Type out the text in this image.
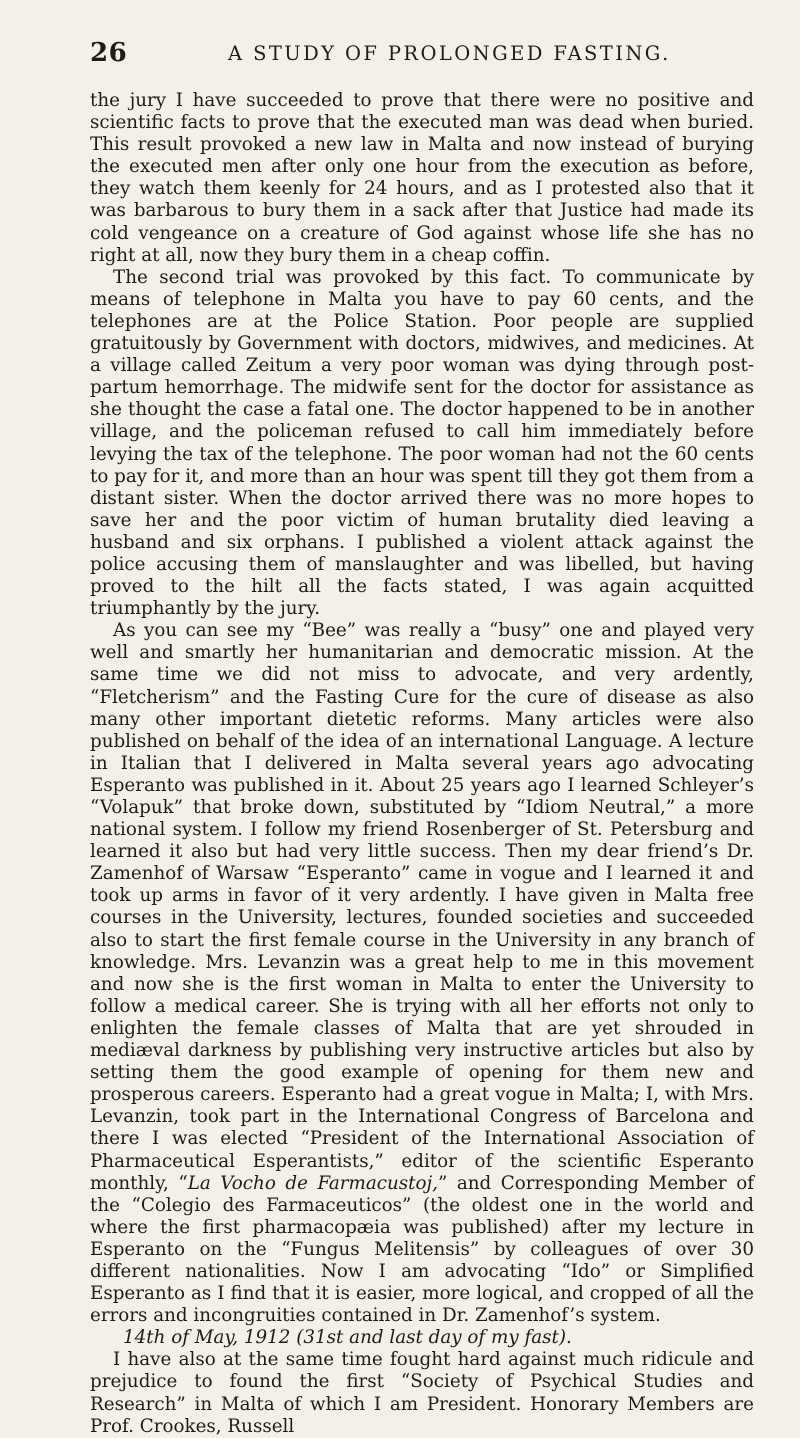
26	A STUDY OF PROLONGED FASTING.

the jury I have succeeded to prove that there were no positive and scientific facts to prove that the executed man was dead when buried. This result provoked a new law in Malta and now instead of burying the executed men after only one hour from the execution as before, they watch them keenly for 24 hours, and as I protested also that it was barbarous to bury them in a sack after that Justice had made its cold vengeance on a creature of God against whose life she has no right at all, now they bury them in a cheap coffin.

The second trial was provoked by this fact. To communicate by means of telephone in Malta you have to pay 60 cents, and the telephones are at the Police Station. Poor people are supplied gratuitously by Government with doctors, midwives, and medicines. At a village called Zeitum a very poor woman was dying through post-partum hemorrhage. The midwife sent for the doctor for assistance as she thought the case a fatal one. The doctor happened to be in another village, and the policeman refused to call him immediately before levying the tax of the telephone. The poor woman had not the 60 cents to pay for it, and more than an hour was spent till they got them from a distant sister. When the doctor arrived there was no more hopes to save her and the poor victim of human brutality died leaving a husband and six orphans. I published a violent attack against the police accusing them of manslaughter and was libelled, but having proved to the hilt all the facts stated, I was again acquitted triumphantly by the jury.

As you can see my “Bee” was really a “busy” one and played very well and smartly her humanitarian and democratic mission. At the same time we did not miss to advocate, and very ardently, “Fletcherism” and the Fasting Cure for the cure of disease as also many other important dietetic reforms. Many articles were also published on behalf of the idea of an international Language. A lecture in Italian that I delivered in Malta several years ago advocating Esperanto was published in it. About 25 years ago I learned Schleyer’s “Volapuk” that broke down, substituted by “Idiom Neutral,” a more national system. I follow my friend Rosenberger of St. Petersburg and learned it also but had very little success. Then my dear friend’s Dr. Zamenhof of Warsaw “Esperanto” came in vogue and I learned it and took up arms in favor of it very ardently. I have given in Malta free courses in the University, lectures, founded societies and succeeded also to start the first female course in the University in any branch of knowledge. Mrs. Levanzin was a great help to me in this movement and now she is the first woman in Malta to enter the University to follow a medical career. She is trying with all her efforts not only to enlighten the female classes of Malta that are yet shrouded in mediæval darkness by publishing very instructive articles but also by setting them the good example of opening for them new and prosperous careers. Esperanto had a great vogue in Malta; I, with Mrs. Levanzin, took part in the International Congress of Barcelona and there I was elected “President of the International Association of Pharmaceutical Esperantists,” editor of the scientific Esperanto monthly, “La Vocho de Farmacustoj,” and Corresponding Member of the “Colegio des Farmaceuticos” (the oldest one in the world and where the first pharmacopæia was published) after my lecture in Esperanto on the “Fungus Melitensis” by colleagues of over 30 different nationalities. Now I am advocating “Ido” or Simplified Esperanto as I find that it is easier, more logical, and cropped of all the errors and incongruities contained in Dr. Zamenhof’s system.

14th of May, 1912 (31st and last day of my fast).

I have also at the same time fought hard against much ridicule and prejudice to found the first “Society of Psychical Studies and Research” in Malta of which I am President. Honorary Members are Prof. Crookes, Russell
